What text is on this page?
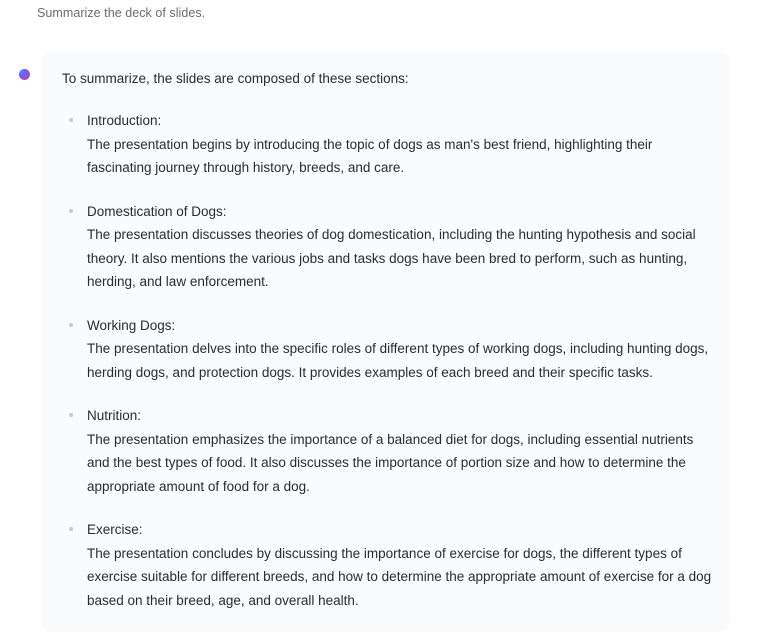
Summarize the deck of slides.
To summarize, the slides are composed of these sections:
Introduction:
The presentation begins by introducing the topic of dogs as man's best friend, highlighting their fascinating journey through history, breeds, and care.
Domestication of Dogs:
The presentation discusses theories of dog domestication, including the hunting hypothesis and social theory. It also mentions the various jobs and tasks dogs have been bred to perform, such as hunting, herding, and law enforcement.
Working Dogs:
The presentation delves into the specific roles of different types of working dogs, including hunting dogs, herding dogs, and protection dogs. It provides examples of each breed and their specific tasks.
Nutrition:
The presentation emphasizes the importance of a balanced diet for dogs, including essential nutrients and the best types of food. It also discusses the importance of portion size and how to determine the appropriate amount of food for a dog.
Exercise:
The presentation concludes by discussing the importance of exercise for dogs, the different types of exercise suitable for different breeds, and how to determine the appropriate amount of exercise for a dog based on their breed, age, and overall health.
